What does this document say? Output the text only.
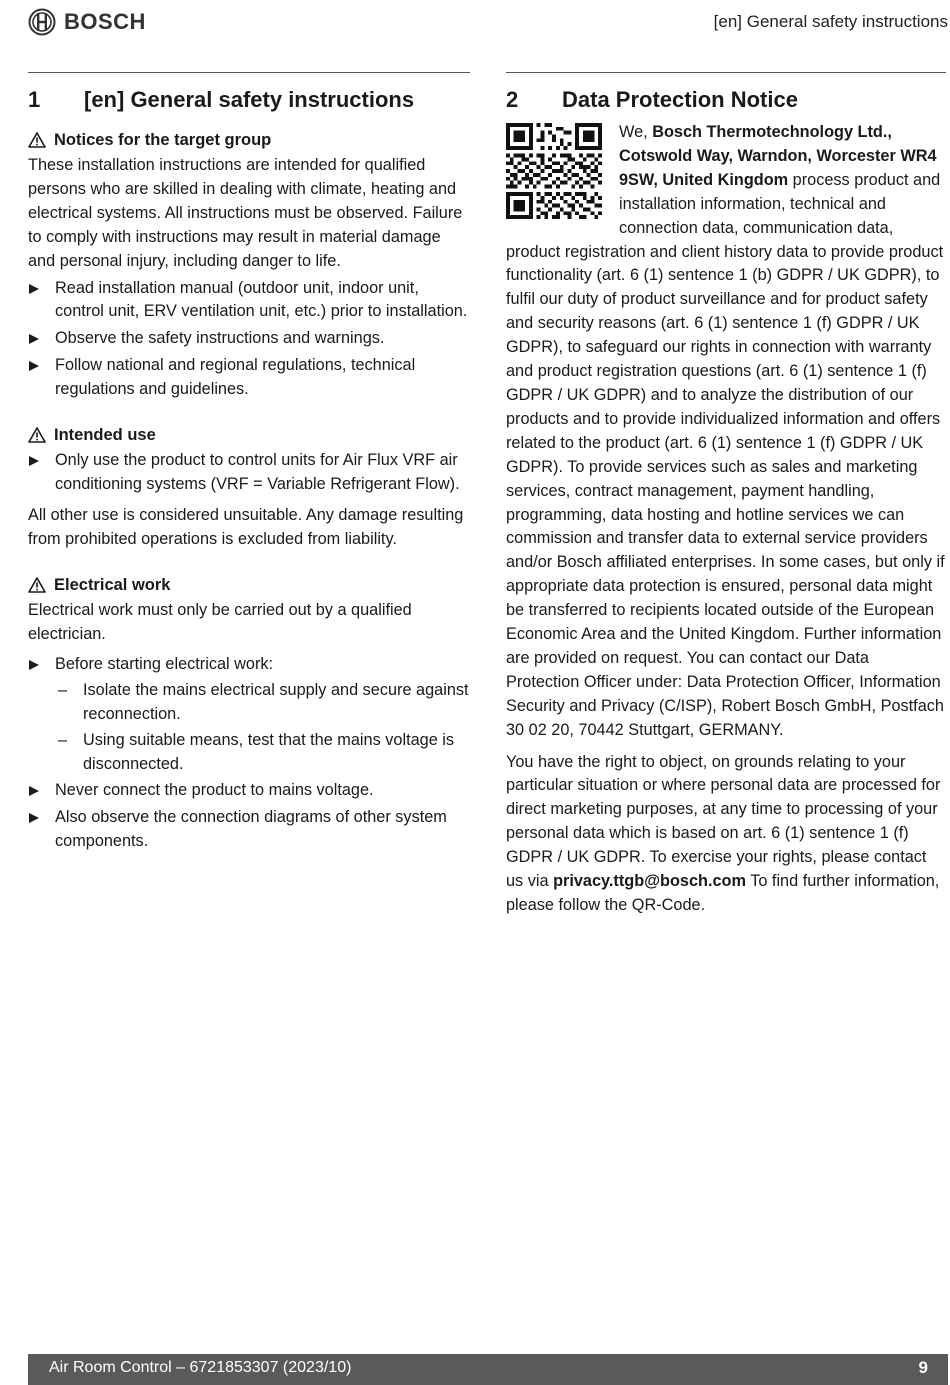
BOSCH	[en] General safety instructions
1	[en] General safety instructions
Notices for the target group

These installation instructions are intended for qualified persons who are skilled in dealing with climate, heating and electrical systems. All instructions must be observed. Failure to comply with instructions may result in material damage and personal injury, including danger to life.

Read installation manual (outdoor unit, indoor unit, control unit, ERV ventilation unit, etc.) prior to installation.
Observe the safety instructions and warnings.
Follow national and regional regulations, technical regulations and guidelines.
Intended use
Only use the product to control units for Air Flux VRF air conditioning systems (VRF = Variable Refrigerant Flow).

All other use is considered unsuitable. Any damage resulting from prohibited operations is excluded from liability.

Electrical work

Electrical work must only be carried out by a qualified electrician.

Before starting electrical work:
– Isolate the mains electrical supply and secure against reconnection.
– Using suitable means, test that the mains voltage is disconnected.
Never connect the product to mains voltage.
Also observe the connection diagrams of other system components.
2	Data Protection Notice

We, Bosch Thermotechnology Ltd., Cotswold Way, Warndon, Worcester WR4 9SW, United Kingdom process product and installation information, technical and connection data, communication data, product registration and client history data to provide product functionality (art. 6 (1) sentence 1 (b) GDPR / UK GDPR), to fulfil our duty of product surveillance and for product safety and security reasons (art. 6 (1) sentence 1 (f) GDPR / UK GDPR), to safeguard our rights in connection with warranty and product registration questions (art. 6 (1) sentence 1 (f) GDPR / UK GDPR) and to analyze the distribution of our products and to provide individualized information and offers related to the product (art. 6 (1) sentence 1 (f) GDPR / UK GDPR). To provide services such as sales and marketing services, contract management, payment handling, programming, data hosting and hotline services we can commission and transfer data to external service providers and/or Bosch affiliated enterprises. In some cases, but only if appropriate data protection is ensured, personal data might be transferred to recipients located outside of the European Economic Area and the United Kingdom. Further information are provided on request. You can contact our Data Protection Officer under: Data Protection Officer, Information Security and Privacy (C/ISP), Robert Bosch GmbH, Postfach 30 02 20, 70442 Stuttgart, GERMANY.

You have the right to object, on grounds relating to your particular situation or where personal data are processed for direct marketing purposes, at any time to processing of your personal data which is based on art. 6 (1) sentence 1 (f) GDPR / UK GDPR. To exercise your rights, please contact us via privacy.ttgb@bosch.com To find further information, please follow the QR-Code.

Air Room Control – 6721853307 (2023/10)	9
